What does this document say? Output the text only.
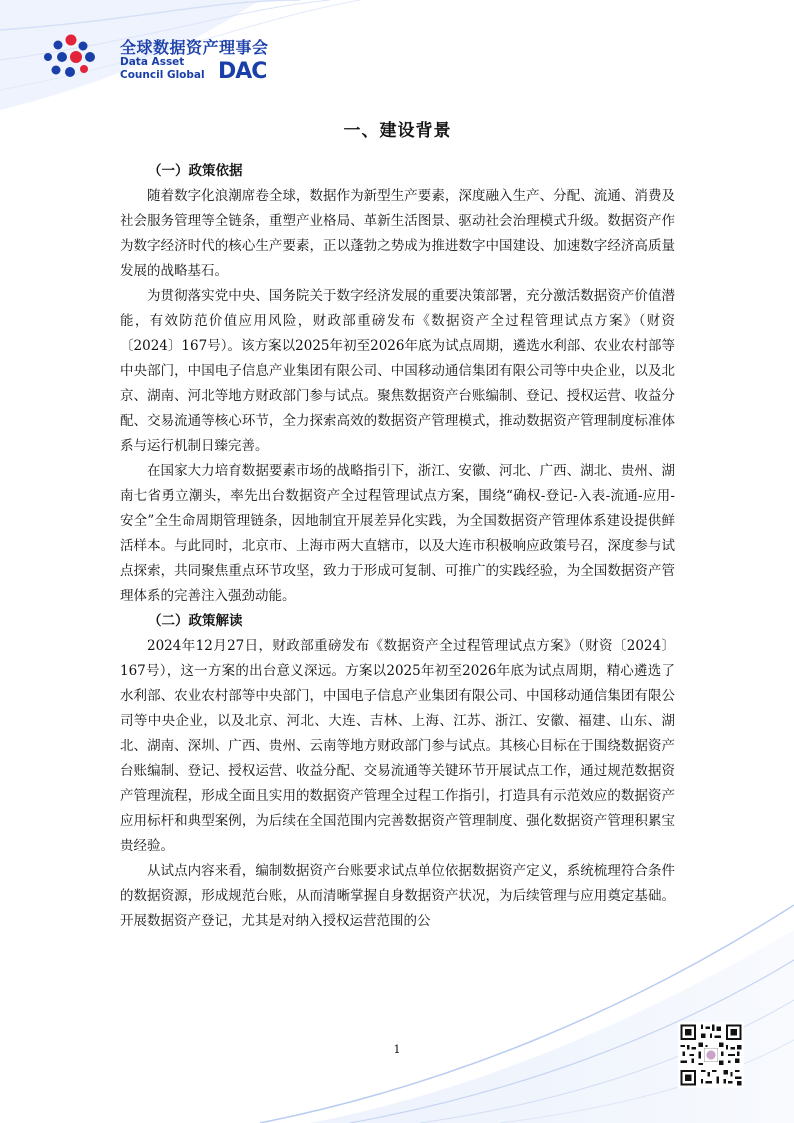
全球数据资产理事会
Data Asset
Council Global DAC
一、建设背景
（一）政策依据

随着数字化浪潮席卷全球，数据作为新型生产要素，深度融入生产、分配、流通、消费及社会服务管理等全链条，重塑产业格局、革新生活图景、驱动社会治理模式升级。数据资产作为数字经济时代的核心生产要素，正以蓬勃之势成为推进数字中国建设、加速数字经济高质量发展的战略基石。

为贯彻落实党中央、国务院关于数字经济发展的重要决策部署，充分激活数据资产价值潜能，有效防范价值应用风险，财政部重磅发布《数据资产全过程管理试点方案》（财资〔2024〕167号）。该方案以2025年初至2026年底为试点周期，遴选水利部、农业农村部等中央部门，中国电子信息产业集团有限公司、中国移动通信集团有限公司等中央企业，以及北京、湖南、河北等地方财政部门参与试点。聚焦数据资产台账编制、登记、授权运营、收益分配、交易流通等核心环节，全力探索高效的数据资产管理模式，推动数据资产管理制度标准体系与运行机制日臻完善。

在国家大力培育数据要素市场的战略指引下，浙江、安徽、河北、广西、湖北、贵州、湖南七省勇立潮头，率先出台数据资产全过程管理试点方案，围绕“确权-登记-入表-流通-应用-安全”全生命周期管理链条，因地制宜开展差异化实践，为全国数据资产管理体系建设提供鲜活样本。与此同时，北京市、上海市两大直辖市，以及大连市积极响应政策号召，深度参与试点探索，共同聚焦重点环节攻坚，致力于形成可复制、可推广的实践经验，为全国数据资产管理体系的完善注入强劲动能。

（二）政策解读

2024年12月27日，财政部重磅发布《数据资产全过程管理试点方案》（财资〔2024〕167号），这一方案的出台意义深远。方案以2025年初至2026年底为试点周期，精心遴选了水利部、农业农村部等中央部门，中国电子信息产业集团有限公司、中国移动通信集团有限公司等中央企业，以及北京、河北、大连、吉林、上海、江苏、浙江、安徽、福建、山东、湖北、湖南、深圳、广西、贵州、云南等地方财政部门参与试点。其核心目标在于围绕数据资产台账编制、登记、授权运营、收益分配、交易流通等关键环节开展试点工作，通过规范数据资产管理流程，形成全面且实用的数据资产管理全过程工作指引，打造具有示范效应的数据资产应用标杆和典型案例，为后续在全国范围内完善数据资产管理制度、强化数据资产管理积累宝贵经验。

从试点内容来看，编制数据资产台账要求试点单位依据数据资产定义，系统梳理符合条件的数据资源，形成规范台账，从而清晰掌握自身数据资产状况，为后续管理与应用奠定基础。开展数据资产登记，尤其是对纳入授权运营范围的公

1
